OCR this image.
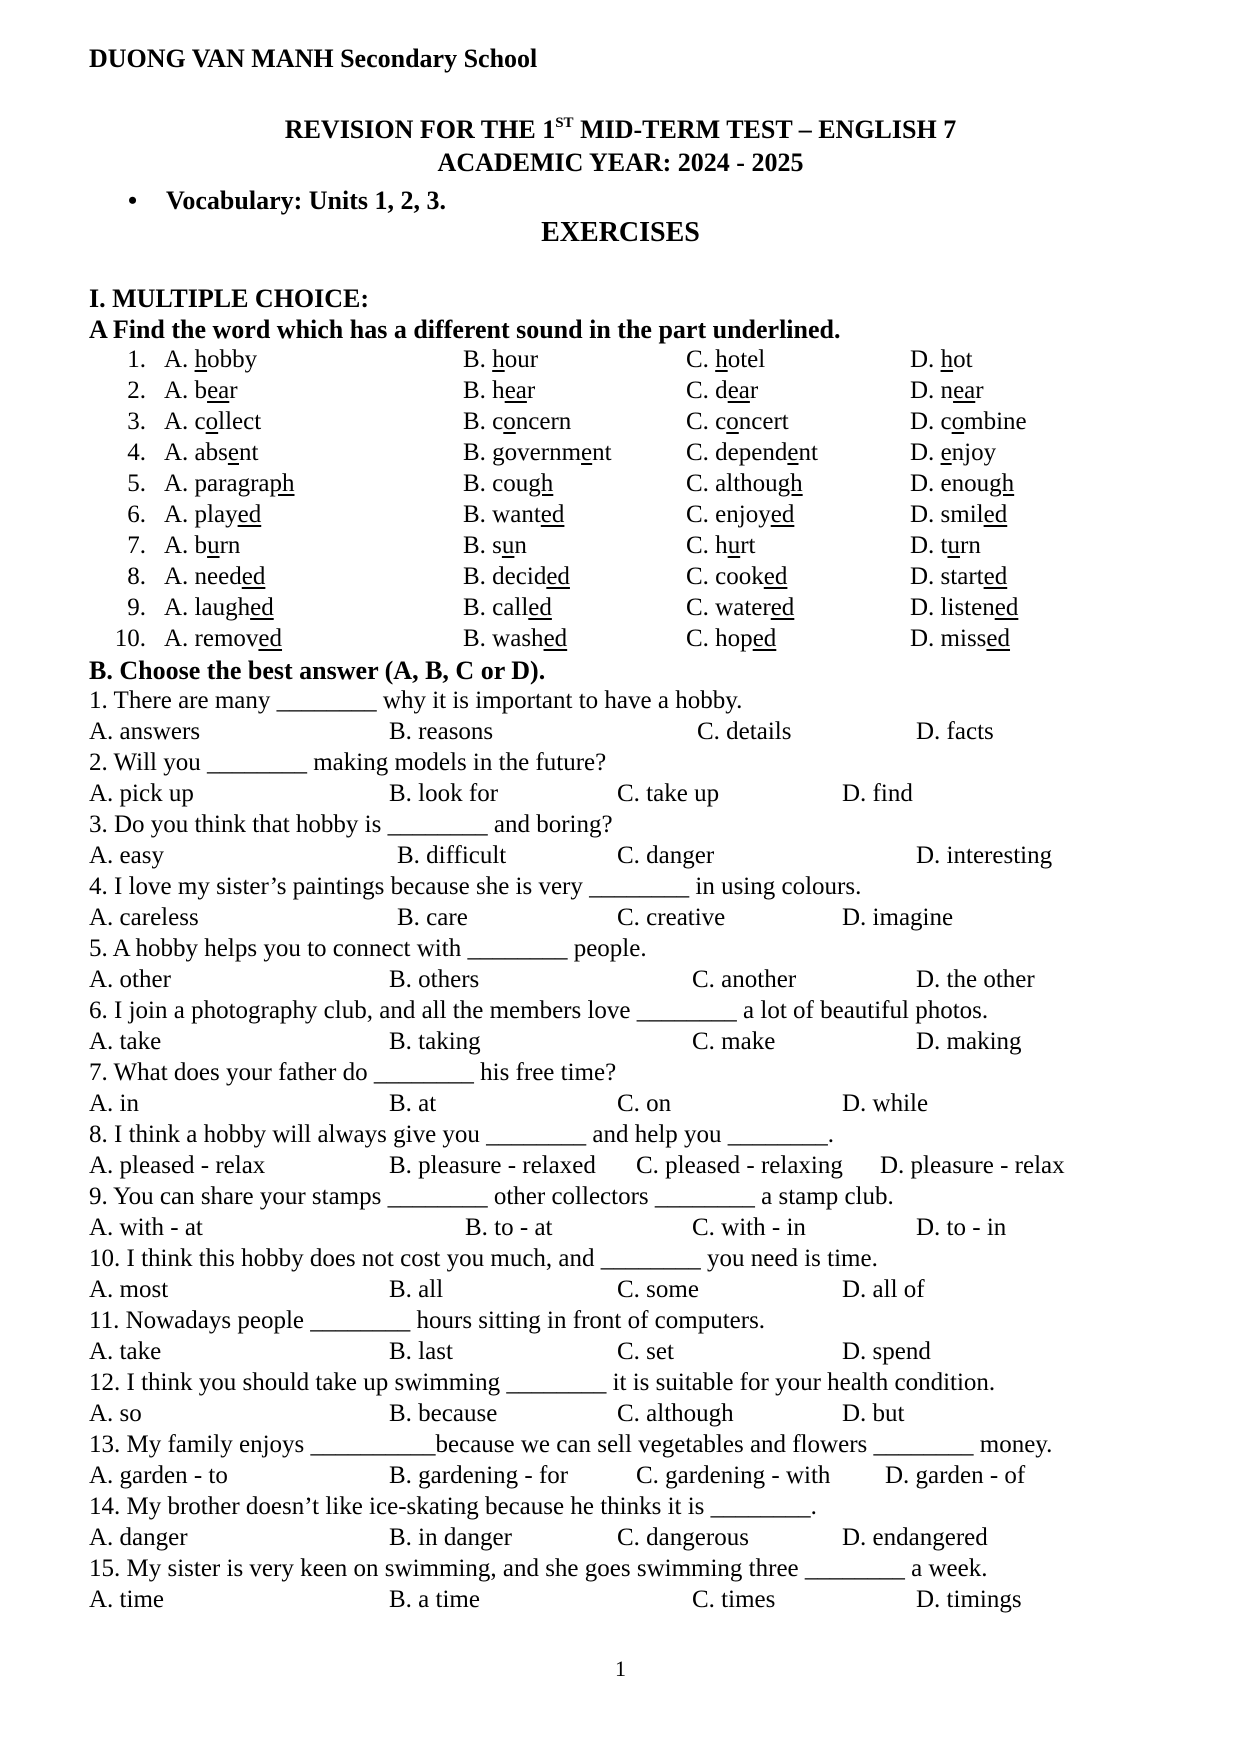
DUONG VAN MANH Secondary School
REVISION FOR THE 1ST MID-TERM TEST – ENGLISH 7
ACADEMIC YEAR: 2024 - 2025
• Vocabulary: Units 1, 2, 3.
EXERCISES
I. MULTIPLE CHOICE:
A Find the word which has a different sound in the part underlined.
1. A. hobby	B. hour	C. hotel	D. hot
2. A. bear	B. hear	C. dear	D. near
3. A. collect	B. concern	C. concert	D. combine
4. A. absent	B. government	C. dependent	D. enjoy
5. A. paragraph	B. cough	C. although	D. enough
6. A. played	B. wanted	C. enjoyed	D. smiled
7. A. burn	B. sun	C. hurt	D. turn
8. A. needed	B. decided	C. cooked	D. started
9. A. laughed	B. called	C. watered	D. listened
10. A. removed	B. washed	C. hoped	D. missed
B. Choose the best answer (A, B, C or D).
1. There are many ________ why it is important to have a hobby.
A. answers	B. reasons	C. details	D. facts
2. Will you ________ making models in the future?
A. pick up	B. look for	C. take up	D. find
3. Do you think that hobby is ________ and boring?
A. easy	B. difficult	C. danger	D. interesting
4. I love my sister’s paintings because she is very ________ in using colours.
A. careless	B. care	C. creative	D. imagine
5. A hobby helps you to connect with ________ people.
A. other	B. others	C. another	D. the other
6. I join a photography club, and all the members love ________ a lot of beautiful photos.
A. take	B. taking	C. make	D. making
7. What does your father do ________ his free time?
A. in	B. at	C. on	D. while
8. I think a hobby will always give you ________ and help you ________.
A. pleased - relax	B. pleasure - relaxed C. pleased - relaxing D. pleasure - relax
9. You can share your stamps ________ other collectors ________ a stamp club.
A. with - at	B. to - at	C. with - in	D. to - in
10. I think this hobby does not cost you much, and ________ you need is time.
A. most	B. all	C. some	D. all of
11. Nowadays people ________ hours sitting in front of computers.
A. take	B. last	C. set	D. spend
12. I think you should take up swimming ________ it is suitable for your health condition.
A. so	B. because	C. although	D. but
13. My family enjoys __________because we can sell vegetables and flowers ________ money.
A. garden - to	B. gardening - for	C. gardening - with D. garden - of
14. My brother doesn’t like ice-skating because he thinks it is ________.
A. danger	B. in danger	C. dangerous	D. endangered
15. My sister is very keen on swimming, and she goes swimming three ________ a week.
A. time	B. a time	C. times	D. timings
1
